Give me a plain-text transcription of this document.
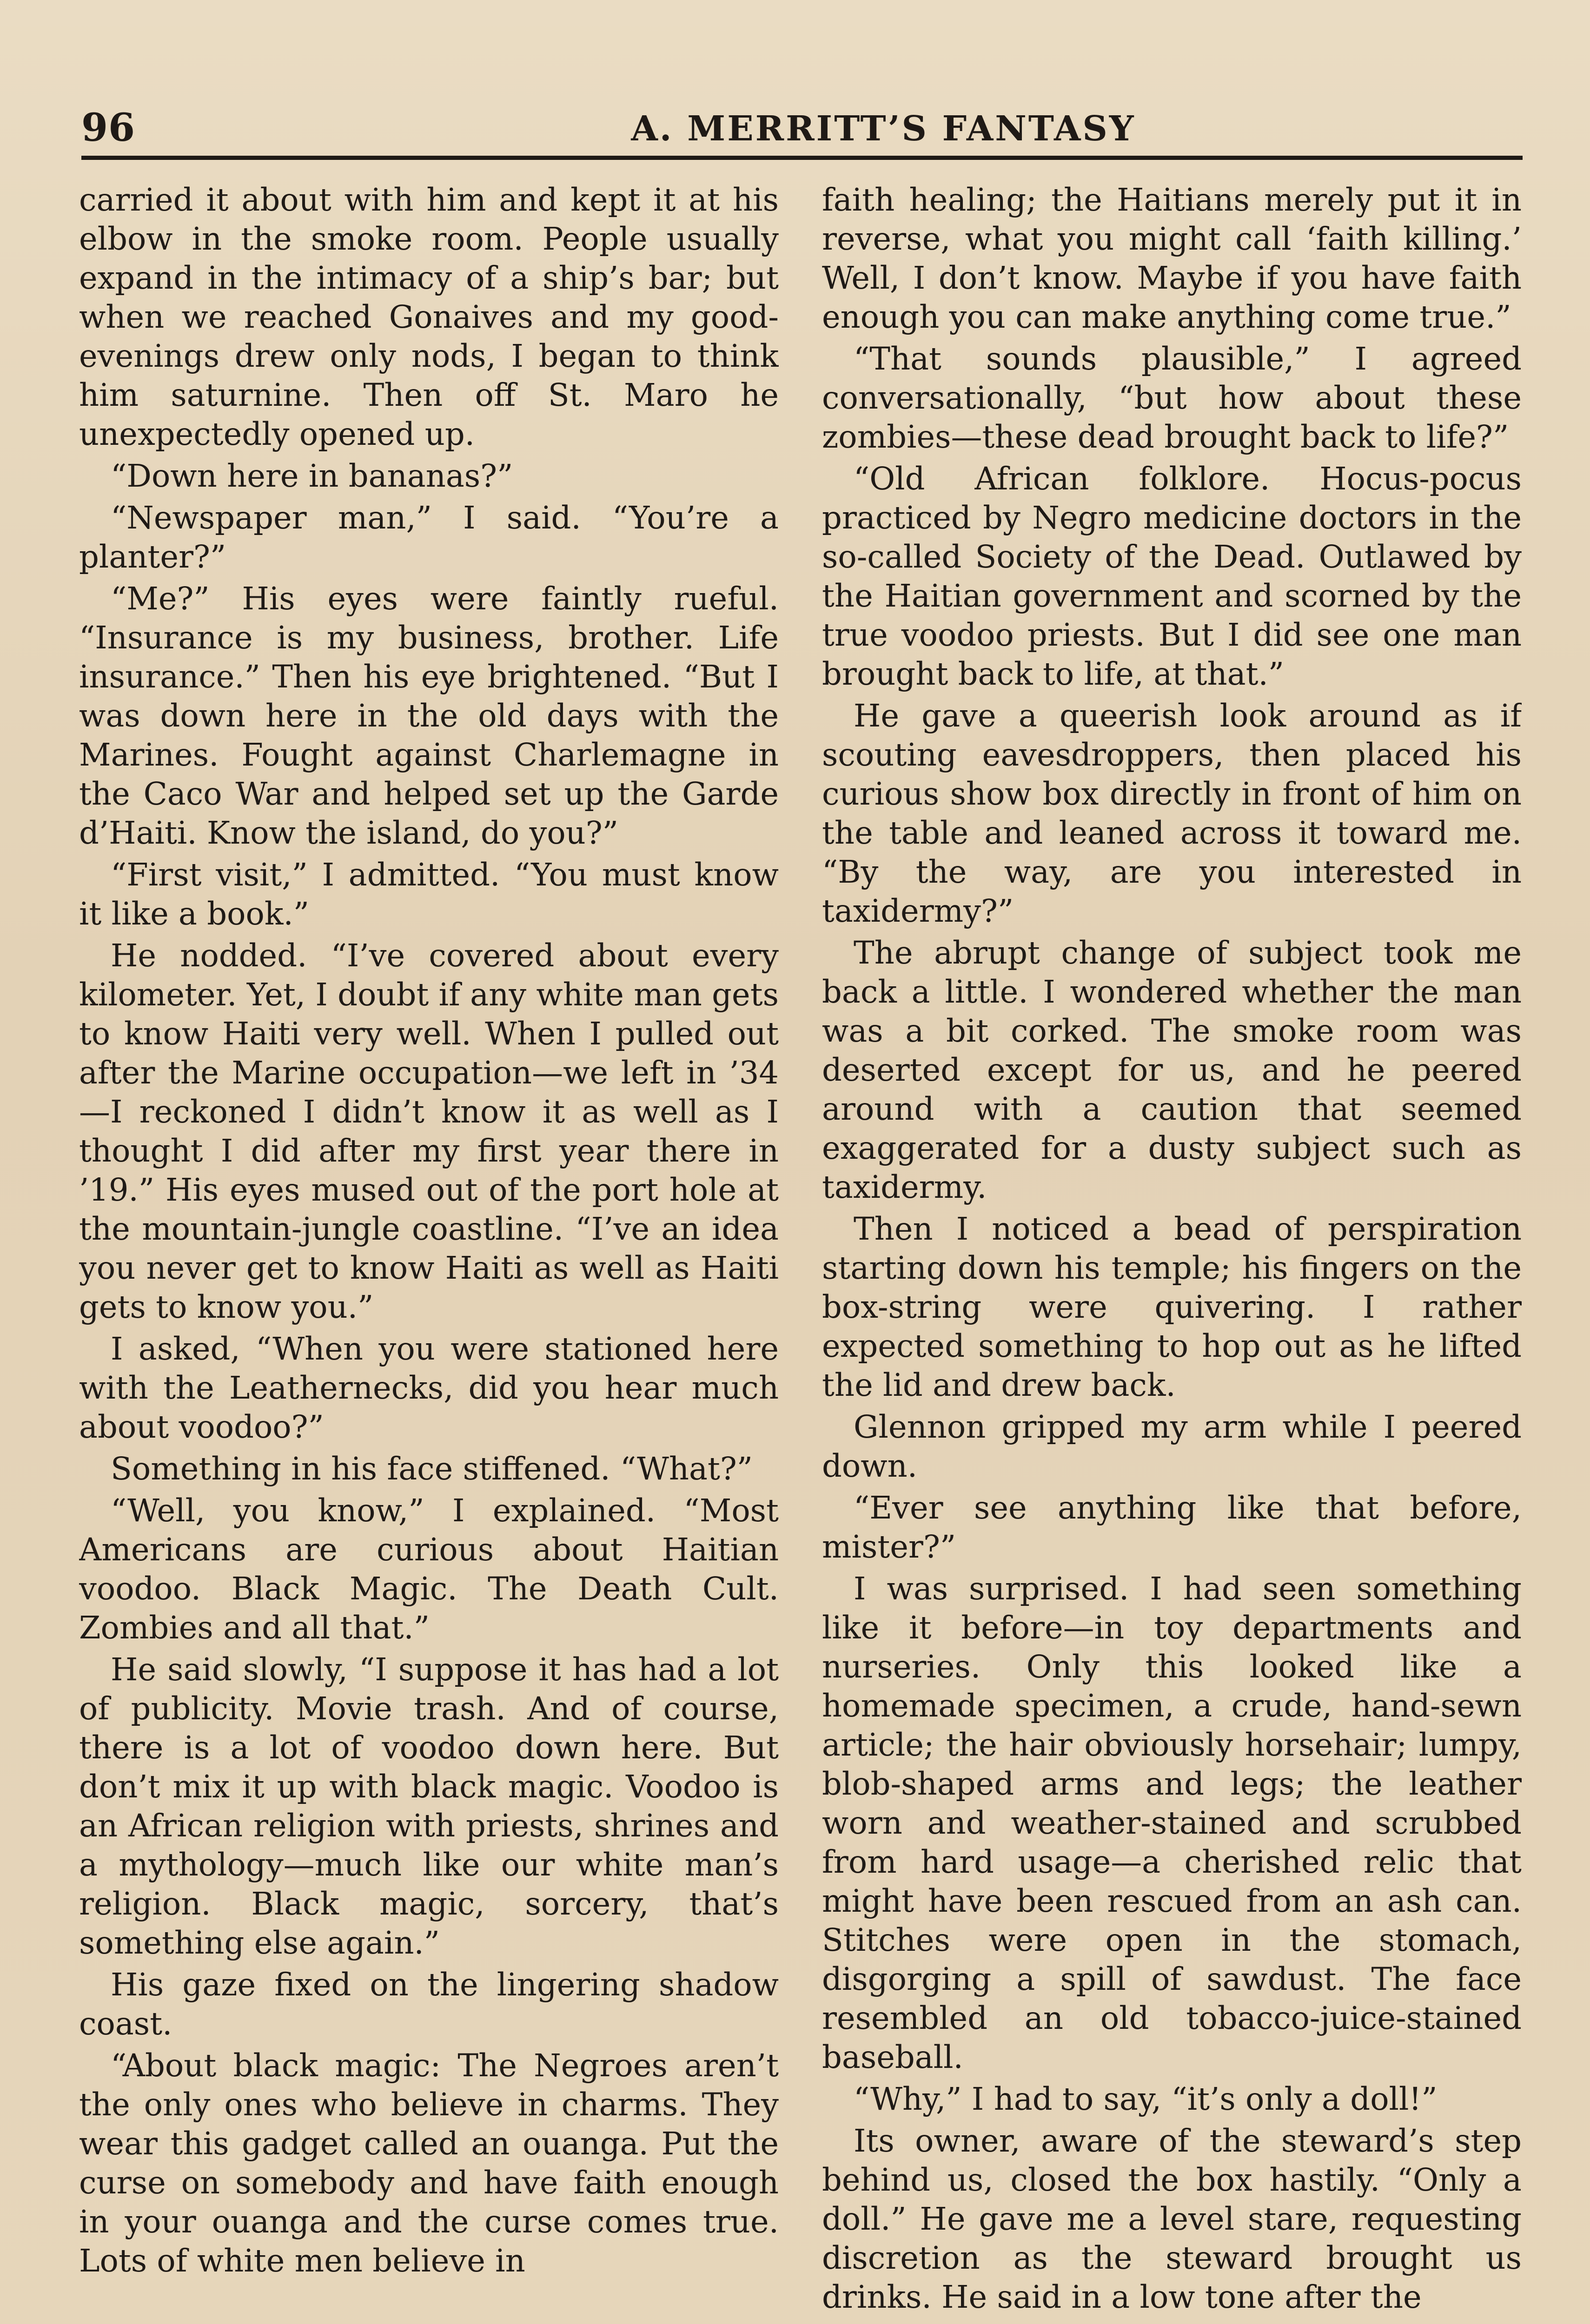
96	A. MERRITT’S FANTASY

carried it about with him and kept it at his elbow in the smoke room. People usually expand in the intimacy of a ship’s bar; but when we reached Gonaives and my good-evenings drew only nods, I began to think him saturnine. Then off St. Maro he unexpectedly opened up.

“Down here in bananas?”

“Newspaper man,” I said. “You’re a planter?”

“Me?” His eyes were faintly rueful. “Insurance is my business, brother. Life insurance.” Then his eye brightened. “But I was down here in the old days with the Marines. Fought against Charlemagne in the Caco War and helped set up the Garde d’Haiti. Know the island, do you?”

“First visit,” I admitted. “You must know it like a book.”

He nodded. “I’ve covered about every kilometer. Yet, I doubt if any white man gets to know Haiti very well. When I pulled out after the Marine occupation—we left in ’34—I reckoned I didn’t know it as well as I thought I did after my first year there in ’19.” His eyes mused out of the port hole at the mountain-jungle coastline. “I’ve an idea you never get to know Haiti as well as Haiti gets to know you.”

I asked, “When you were stationed here with the Leathernecks, did you hear much about voodoo?”

Something in his face stiffened. “What?”

“Well, you know,” I explained. “Most Americans are curious about Haitian voodoo. Black Magic. The Death Cult. Zombies and all that.”

He said slowly, “I suppose it has had a lot of publicity. Movie trash. And of course, there is a lot of voodoo down here. But don’t mix it up with black magic. Voodoo is an African religion with priests, shrines and a mythology—much like our white man’s religion. Black magic, sorcery, that’s something else again.”

His gaze fixed on the lingering shadow coast.

“About black magic: The Negroes aren’t the only ones who believe in charms. They wear this gadget called an ouanga. Put the curse on somebody and have faith enough in your ouanga and the curse comes true. Lots of white men believe in

faith healing; the Haitians merely put it in reverse, what you might call ‘faith killing.’ Well, I don’t know. Maybe if you have faith enough you can make anything come true.”

“That sounds plausible,” I agreed conversationally, “but how about these zombies—these dead brought back to life?”

“Old African folklore. Hocus-pocus practiced by Negro medicine doctors in the so-called Society of the Dead. Outlawed by the Haitian government and scorned by the true voodoo priests. But I did see one man brought back to life, at that.”

He gave a queerish look around as if scouting eavesdroppers, then placed his curious show box directly in front of him on the table and leaned across it toward me. “By the way, are you interested in taxidermy?”

The abrupt change of subject took me back a little. I wondered whether the man was a bit corked. The smoke room was deserted except for us, and he peered around with a caution that seemed exaggerated for a dusty subject such as taxidermy.

Then I noticed a bead of perspiration starting down his temple; his fingers on the box-string were quivering. I rather expected something to hop out as he lifted the lid and drew back.

Glennon gripped my arm while I peered down.

“Ever see anything like that before, mister?”

I was surprised. I had seen something like it before—in toy departments and nurseries. Only this looked like a homemade specimen, a crude, hand-sewn article; the hair obviously horsehair; lumpy, blob-shaped arms and legs; the leather worn and weather-stained and scrubbed from hard usage—a cherished relic that might have been rescued from an ash can. Stitches were open in the stomach, disgorging a spill of sawdust. The face resembled an old tobacco-juice-stained baseball.

“Why,” I had to say, “it’s only a doll!”

Its owner, aware of the steward’s step behind us, closed the box hastily. “Only a doll.” He gave me a level stare, requesting discretion as the steward brought us drinks. He said in a low tone after the
